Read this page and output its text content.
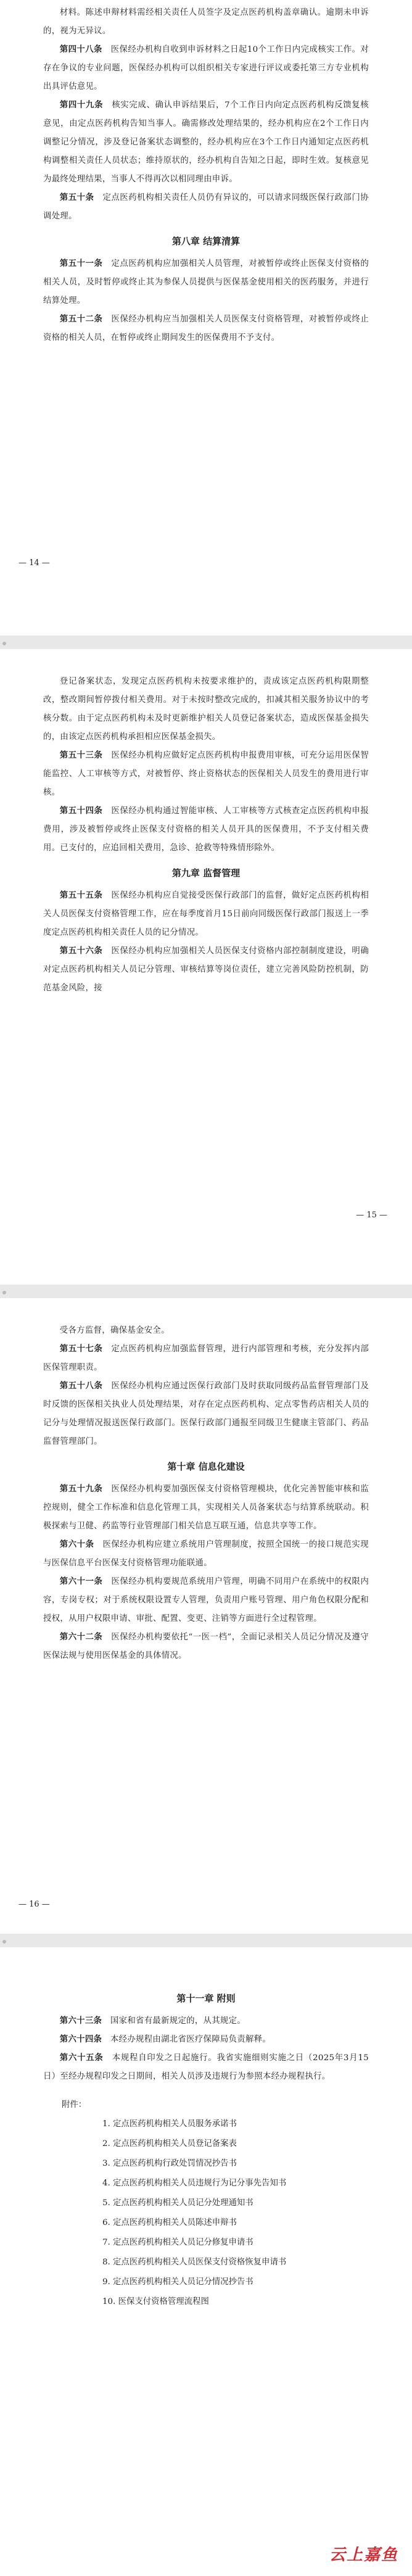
材料。陈述申辩材料需经相关责任人员签字及定点医药机构盖章确认。逾期未申诉的，视为无异议。

第四十八条  医保经办机构自收到申诉材料之日起10个工作日内完成核实工作。对存在争议的专业问题，医保经办机构可以组织相关专家进行评议或委托第三方专业机构出具评估意见。

第四十九条  核实完成、确认申诉结果后，7个工作日内向定点医药机构反馈复核意见，由定点医药机构告知当事人。确需修改处理结果的，经办机构应在2个工作日内调整记分情况，涉及登记备案状态调整的，经办机构应在3个工作日内通知定点医药机构调整相关责任人员状态；维持原状的，经办机构自告知之日起，即时生效。复核意见为最终处理结果，当事人不得再次以相同理由申诉。

第五十条  定点医药机构相关责任人员仍有异议的，可以请求同级医保行政部门协调处理。

第八章 结算清算

第五十一条  定点医药机构应加强相关人员管理，对被暂停或终止医保支付资格的相关人员，及时暂停或终止其为参保人员提供与医保基金使用相关的医药服务，并进行结算处理。

第五十二条  医保经办机构应当加强相关人员医保支付资格管理，对被暂停或终止资格的相关人员，在暂停或终止期间发生的医保费用不予支付。

— 14 —

登记备案状态，发现定点医药机构未按要求维护的，责成该定点医药机构限期整改，整改期间暂停拨付相关费用。对于未按时整改完成的，扣减其相关服务协议中的考核分数。由于定点医药机构未及时更新维护相关人员登记备案状态，造成医保基金损失的，由该定点医药机构承担相应医保基金损失。

第五十三条  医保经办机构应做好定点医药机构申报费用审核，可充分运用医保智能监控、人工审核等方式，对被暂停、终止资格状态的医保相关人员发生的费用进行审核。

第五十四条  医保经办机构通过智能审核、人工审核等方式核查定点医药机构申报费用，涉及被暂停或终止医保支付资格的相关人员开具的医保费用，不予支付相关费用。已支付的，应追回相关费用，急诊、抢救等特殊情形除外。

第九章 监督管理

第五十五条  医保经办机构应自觉接受医保行政部门的监督，做好定点医药机构相关人员医保支付资格管理工作，应在每季度首月15日前向同级医保行政部门报送上一季度定点医药机构相关责任人员的记分情况。

第五十六条  医保经办机构应加强相关人员医保支付资格内部控制制度建设，明确对定点医药机构相关人员记分管理、审核结算等岗位责任，建立完善风险防控机制，防范基金风险，接

— 15 —

受各方监督，确保基金安全。

第五十七条  定点医药机构应加强监督管理，进行内部管理和考核，充分发挥内部医保管理职责。

第五十八条  医保经办机构应通过医保行政部门及时获取同级药品监督管理部门及时反馈的医保相关执业人员处理结果，对存在定点医药机构、定点零售药店相关人员的记分与处理情况报送医保行政部门。医保行政部门通报至同级卫生健康主管部门、药品监督管理部门。

第十章 信息化建设

第五十九条  医保经办机构要加强医保支付资格管理模块，优化完善智能审核和监控规则，健全工作标准和信息化管理工具，实现相关人员备案状态与结算系统联动。积极探索与卫健、药监等行业管理部门相关信息互联互通，信息共享等工作。

第六十条  医保经办机构应建立系统用户管理制度，按照全国统一的接口规范实现与医保信息平台医保支付资格管理功能联通。

第六十一条  医保经办机构要规范系统用户管理，明确不同用户在系统中的权限内容，专岗专权；对于系统权限设置专人管理，负责用户账号管理、用户角色权限分配和授权，从用户权限申请、审批、配置、变更、注销等方面进行全过程管理。

第六十二条  医保经办机构要依托“一医一档”，全面记录相关人员记分情况及遵守医保法规与使用医保基金的具体情况。

— 16 —
第十一章 附则

第六十三条  国家和省有最新规定的，从其规定。

第六十四条  本经办规程由湖北省医疗保障局负责解释。

第六十五条  本规程自印发之日起施行。我省实施细则实施之日（2025年3月15日）至经办规程印发之日期间，相关人员涉及违规行为参照本经办规程执行。

附件：
1. 定点医药机构相关人员服务承诺书
2. 定点医药机构相关人员登记备案表
3. 定点医药机构行政处罚情况抄告书
4. 定点医药机构相关人员违规行为记分事先告知书
5. 定点医药机构相关人员记分处理通知书
6. 定点医药机构相关人员陈述申辩书
7. 定点医药机构相关人员记分修复申请书
8. 定点医药机构相关人员医保支付资格恢复申请书
9. 定点医药机构相关人员记分情况抄告书
10. 医保支付资格管理流程图
云上嘉鱼
